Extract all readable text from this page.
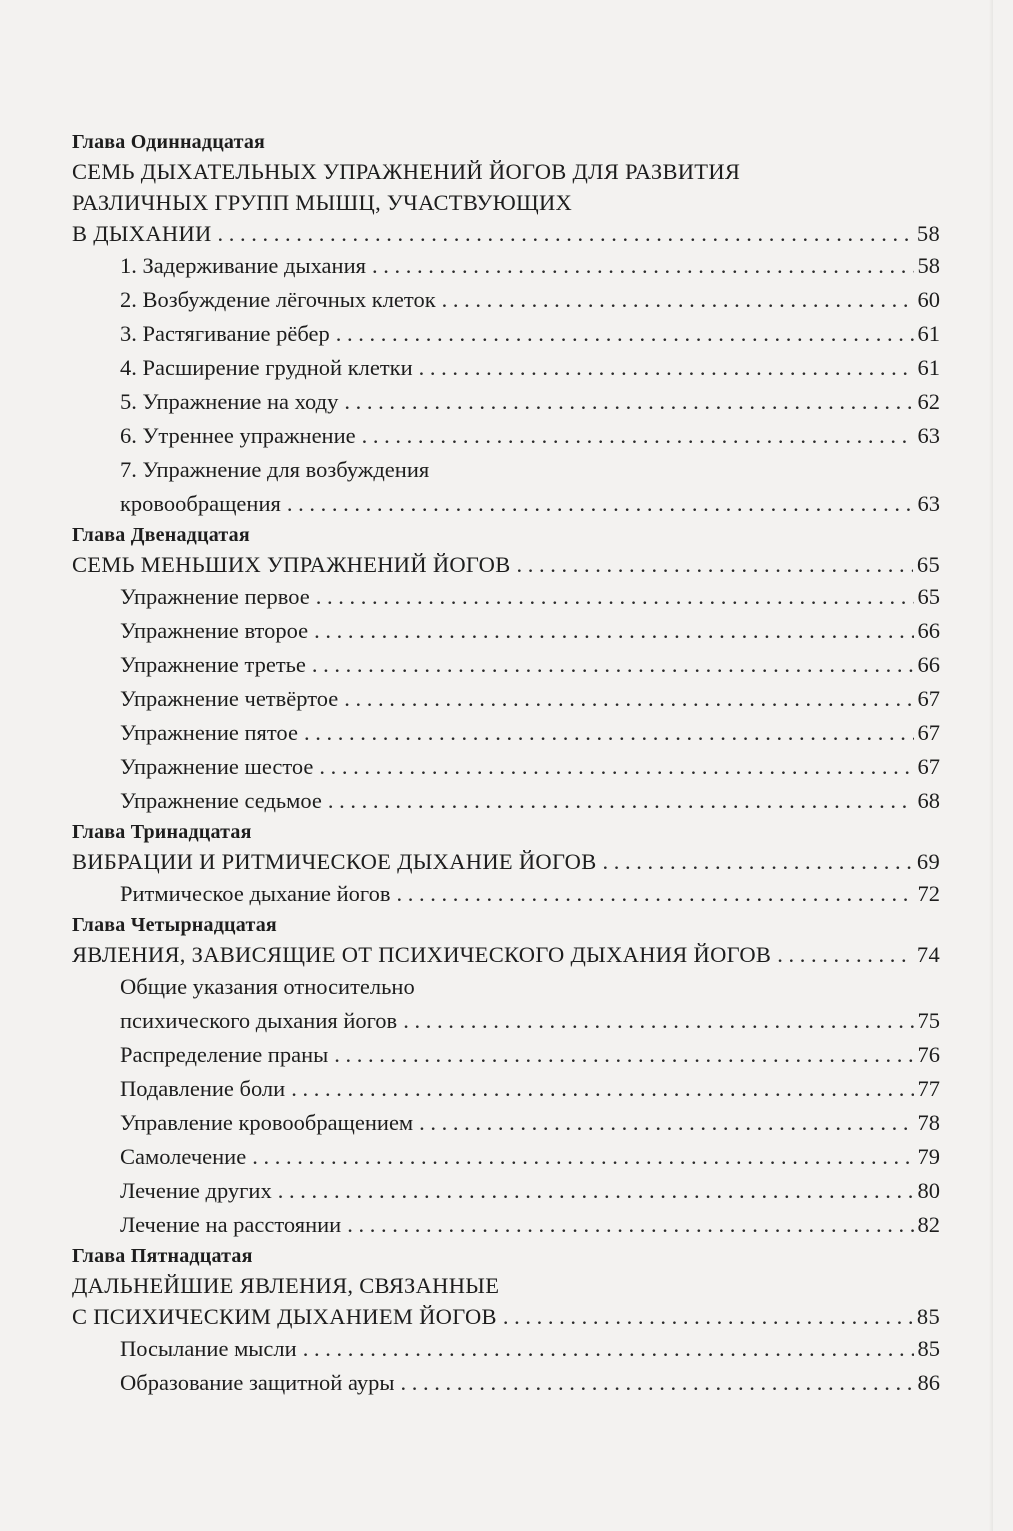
Глава Одиннадцатая
СЕМЬ ДЫХАТЕЛЬНЫХ УПРАЖНЕНИЙ ЙОГОВ ДЛЯ РАЗВИТИЯ
РАЗЛИЧНЫХ ГРУПП МЫШЦ, УЧАСТВУЮЩИХ
В ДЫХАНИИ . . .	58
1. Задерживание дыхания . . .	58
2. Возбуждение лёгочных клеток . . .	60
3. Растягивание рёбер . . .	61
4. Расширение грудной клетки . . .	61
5. Упражнение на ходу . . .	62
6. Утреннее упражнение . . .	63
7. Упражнение для возбуждения
кровообращения . . .	63
Глава Двенадцатая
СЕМЬ МЕНЬШИХ УПРАЖНЕНИЙ ЙОГОВ . . .	65
Упражнение первое . . .	65
Упражнение второе . . .	66
Упражнение третье . . .	66
Упражнение четвёртое . . .	67
Упражнение пятое . . .	67
Упражнение шестое . . .	67
Упражнение седьмое . . .	68
Глава Тринадцатая
ВИБРАЦИИ И РИТМИЧЕСКОЕ ДЫХАНИЕ ЙОГОВ . . .	69
Ритмическое дыхание йогов . . .	72
Глава Четырнадцатая
ЯВЛЕНИЯ, ЗАВИСЯЩИЕ ОТ ПСИХИЧЕСКОГО ДЫХАНИЯ ЙОГОВ . . .	74
Общие указания относительно
психического дыхания йогов . . .	75
Распределение праны . . .	76
Подавление боли . . .	77
Управление кровообращением . . .	78
Самолечение . . .	79
Лечение других . . .	80
Лечение на расстоянии . . .	82
Глава Пятнадцатая
ДАЛЬНЕЙШИЕ ЯВЛЕНИЯ, СВЯЗАННЫЕ
С ПСИХИЧЕСКИМ ДЫХАНИЕМ ЙОГОВ . . .	85
Посылание мысли . . .	85
Образование защитной ауры . . .	86
